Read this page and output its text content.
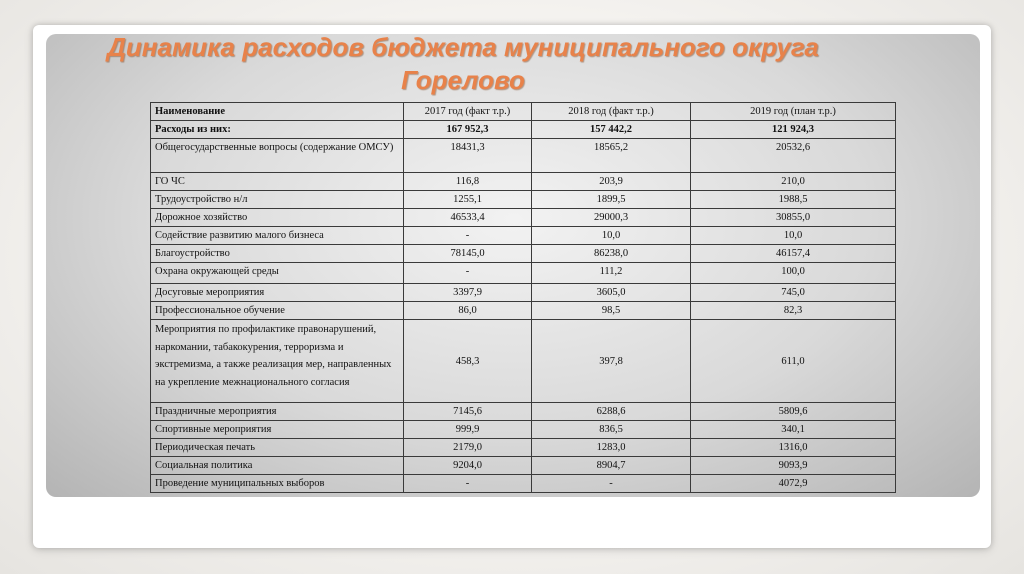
Динамика расходов бюджета муниципального округа
Горелово
Наименование	2017 год (факт т.р.)	2018 год (факт т.р.)	2019 год (план т.р.)
Расходы из них:	167 952,3	157 442,2	121 924,3
Общегосударственные вопросы (содержание ОМСУ)	18431,3	18565,2	20532,6
ГО ЧС	116,8	203,9	210,0
Трудоустройство н/л	1255,1	1899,5	1988,5
Дорожное хозяйство	46533,4	29000,3	30855,0
Содействие развитию малого бизнеса	-	10,0	10,0
Благоустройство	78145,0	86238,0	46157,4
Охрана окружающей среды	-	111,2	100,0
Досуговые мероприятия	3397,9	3605,0	745,0
Профессиональное обучение	86,0	98,5	82,3
Мероприятия по профилактике правонарушений, наркомании, табакокурения, терроризма и экстремизма, а также реализация мер, направленных на укрепление межнационального согласия	458,3	397,8	611,0
Праздничные мероприятия	7145,6	6288,6	5809,6
Спортивные мероприятия	999,9	836,5	340,1
Периодическая печать	2179,0	1283,0	1316,0
Социальная политика	9204,0	8904,7	9093,9
Проведение муниципальных выборов	-	-	4072,9
